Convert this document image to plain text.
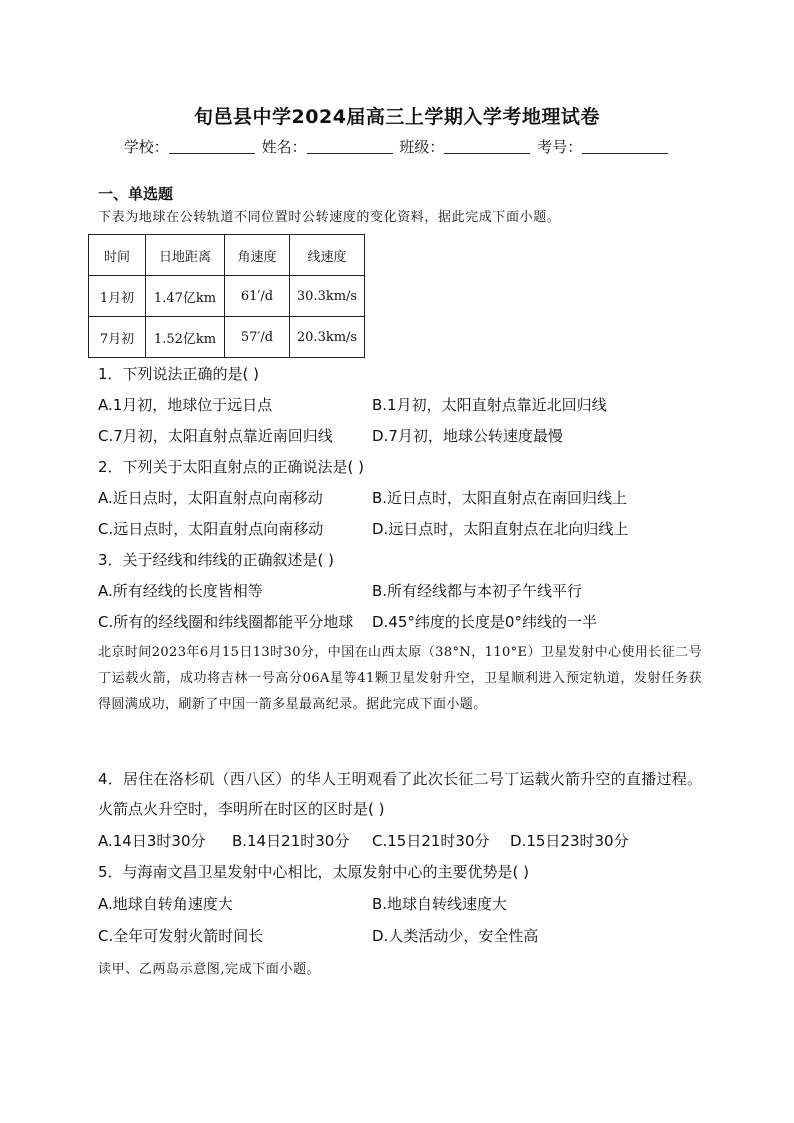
旬邑县中学2024届高三上学期入学考地理试卷
学校：	姓名：	班级：	考号：
一、单选题
下表为地球在公转轨道不同位置时公转速度的变化资料，据此完成下面小题。
时间	日地距离	角速度	线速度
1月初	1.47亿km	61′/d	30.3km/s
7月初	1.52亿km	57′/d	20.3km/s
1．下列说法正确的是( )
A.1月初，地球位于远日点	B.1月初，太阳直射点靠近北回归线
C.7月初，太阳直射点靠近南回归线	D.7月初，地球公转速度最慢
2．下列关于太阳直射点的正确说法是( )
A.近日点时，太阳直射点向南移动	B.近日点时，太阳直射点在南回归线上
C.远日点时，太阳直射点向南移动	D.远日点时，太阳直射点在北向归线上
3．关于经线和纬线的正确叙述是( )
A.所有经线的长度皆相等	B.所有经线都与本初子午线平行
C.所有的经线圈和纬线圈都能平分地球 D.45°纬度的长度是0°纬线的一半
北京时间2023年6月15日13时30分，中国在山西太原（38°N，110°E）卫星发射中心使用长征二号丁运载火箭，成功将吉林一号高分06A星等41颗卫星发射升空，卫星顺利进入预定轨道，发射任务获得圆满成功，刷新了中国一箭多星最高纪录。据此完成下面小题。
4．居住在洛杉矶（西八区）的华人王明观看了此次长征二号丁运载火箭升空的直播过程。火箭点火升空时，李明所在时区的区时是( )
A.14日3时30分 B.14日21时30分 C.15日21时30分 D.15日23时30分
5．与海南文昌卫星发射中心相比，太原发射中心的主要优势是( )
A.地球自转角速度大	B.地球自转线速度大
C.全年可发射火箭时间长	D.人类活动少，安全性高
读甲、乙两岛示意图,完成下面小题。
